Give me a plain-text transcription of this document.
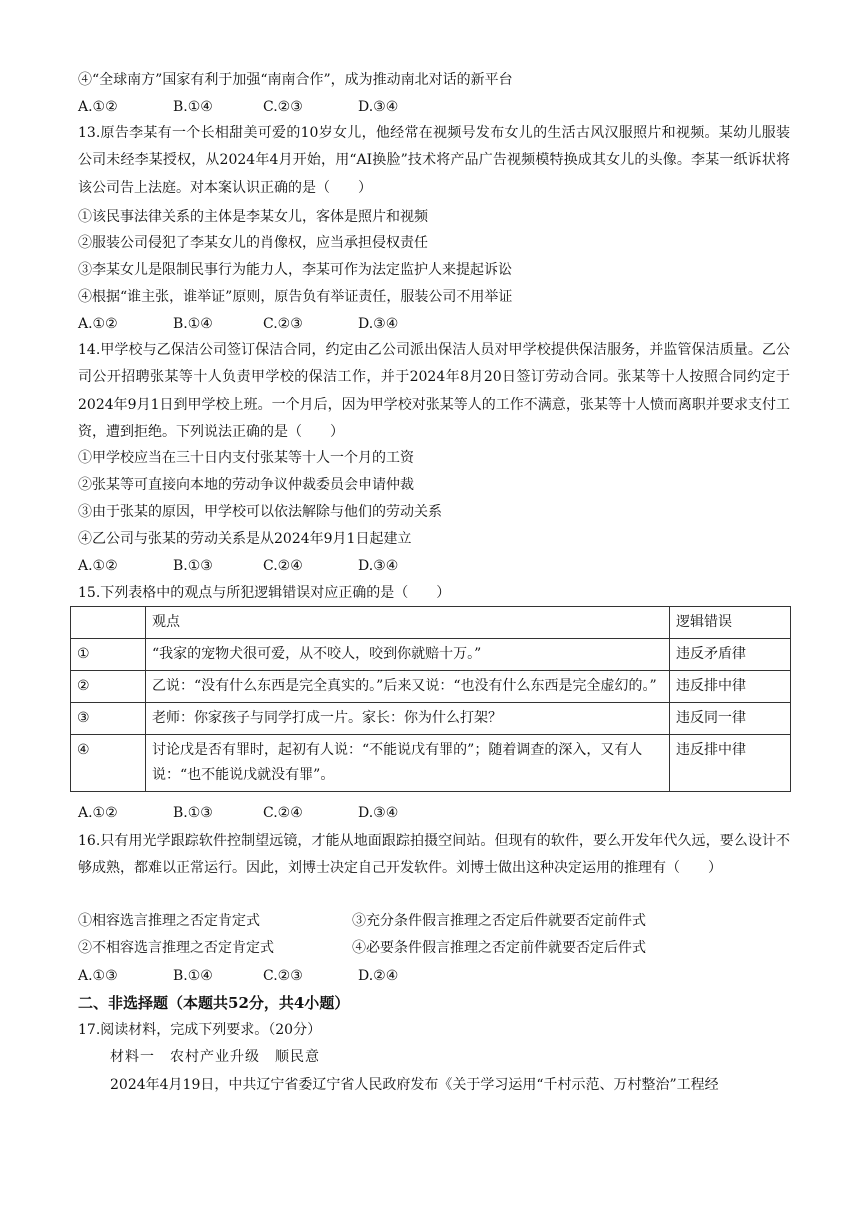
④“全球南方”国家有利于加强“南南合作”，成为推动南北对话的新平台
A.①②	B.①④	C.②③	D.③④
13.原告李某有一个长相甜美可爱的10岁女儿，他经常在视频号发布女儿的生活古风汉服照片和视频。某幼儿服装公司未经李某授权，从2024年4月开始，用“AI换脸”技术将产品广告视频模特换成其女儿的头像。李某一纸诉状将该公司告上法庭。对本案认识正确的是（　　）
①该民事法律关系的主体是李某女儿，客体是照片和视频
②服装公司侵犯了李某女儿的肖像权，应当承担侵权责任
③李某女儿是限制民事行为能力人，李某可作为法定监护人来提起诉讼
④根据“谁主张，谁举证”原则，原告负有举证责任，服装公司不用举证
A.①②	B.①④	C.②③	D.③④
14.甲学校与乙保洁公司签订保洁合同，约定由乙公司派出保洁人员对甲学校提供保洁服务，并监管保洁质量。乙公司公开招聘张某等十人负责甲学校的保洁工作，并于2024年8月20日签订劳动合同。张某等十人按照合同约定于2024年9月1日到甲学校上班。一个月后，因为甲学校对张某等人的工作不满意，张某等十人愤而离职并要求支付工资，遭到拒绝。下列说法正确的是（　　）
①甲学校应当在三十日内支付张某等十人一个月的工资
②张某等可直接向本地的劳动争议仲裁委员会申请仲裁
③由于张某的原因，甲学校可以依法解除与他们的劳动关系
④乙公司与张某的劳动关系是从2024年9月1日起建立
A.①②	B.①③	C.②④	D.③④
15.下列表格中的观点与所犯逻辑错误对应正确的是（　　）
	观点	逻辑错误
①	“我家的宠物犬很可爱，从不咬人，咬到你就赔十万。”	违反矛盾律
②	乙说：“没有什么东西是完全真实的。”后来又说：“也没有什么东西是完全虚幻的。”	违反排中律
③	老师：你家孩子与同学打成一片。家长：你为什么打架？	违反同一律
④	讨论戊是否有罪时，起初有人说：“不能说戊有罪的”；随着调查的深入，又有人说：“也不能说戊就没有罪”。	违反排中律
A.①②	B.①③	C.②④	D.③④
16.只有用光学跟踪软件控制望远镜，才能从地面跟踪拍摄空间站。但现有的软件，要么开发年代久远，要么设计不够成熟，都难以正常运行。因此，刘博士决定自己开发软件。刘博士做出这种决定运用的推理有（　　）
①相容选言推理之否定肯定式	③充分条件假言推理之否定后件就要否定前件式
②不相容选言推理之否定肯定式	④必要条件假言推理之否定前件就要否定后件式
A.①③	B.①④	C.②③	D.②④
二、非选择题（本题共52分，共4小题）
17.阅读材料，完成下列要求。（20分）
材料一　农村产业升级　顺民意
2024年4月19日，中共辽宁省委辽宁省人民政府发布《关于学习运用“千村示范、万村整治”工程经
